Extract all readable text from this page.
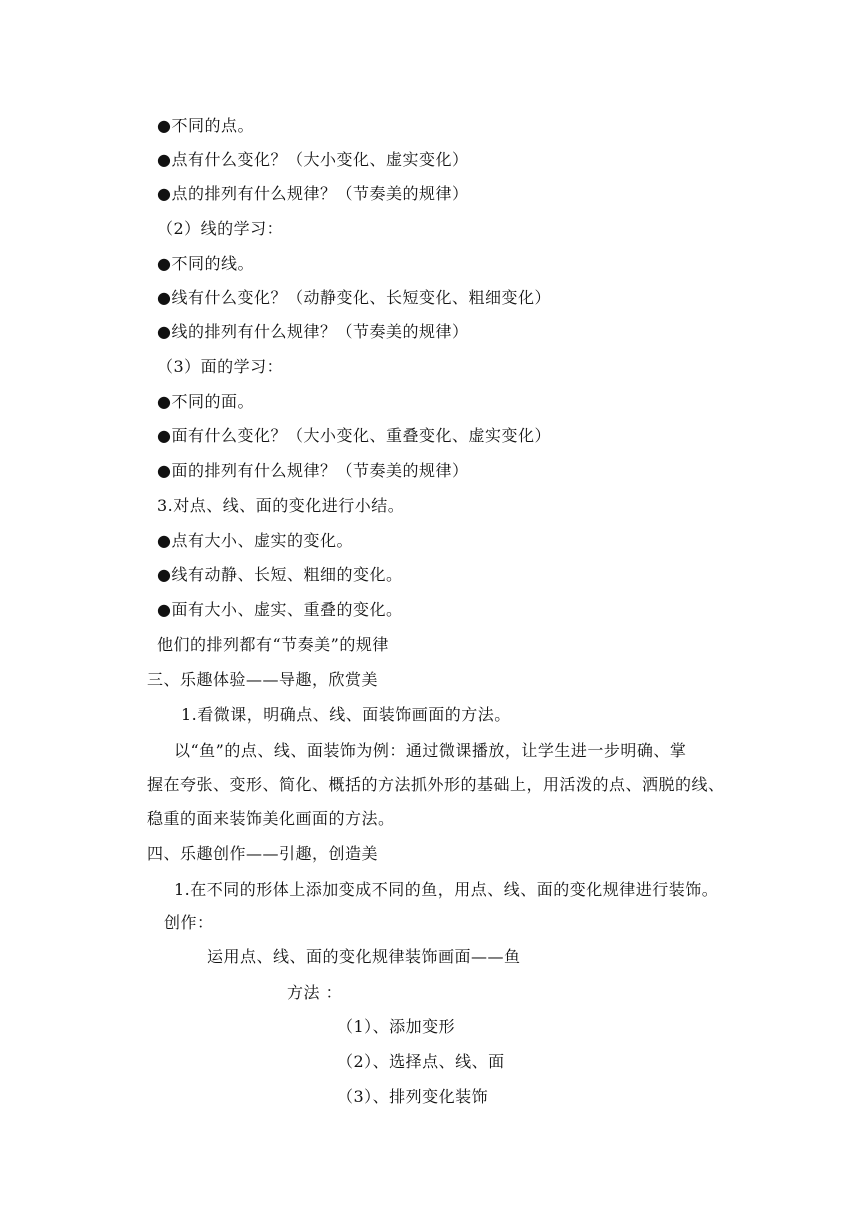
●不同的点。
●点有什么变化？（大小变化、虚实变化）
●点的排列有什么规律？（节奏美的规律）
（2）线的学习：
●不同的线。
●线有什么变化？（动静变化、长短变化、粗细变化）
●线的排列有什么规律？（节奏美的规律）
（3）面的学习：
●不同的面。
●面有什么变化？（大小变化、重叠变化、虚实变化）
●面的排列有什么规律？（节奏美的规律）
3.对点、线、面的变化进行小结。
●点有大小、虚实的变化。
●线有动静、长短、粗细的变化。
●面有大小、虚实、重叠的变化。
他们的排列都有“节奏美”的规律
三、乐趣体验——导趣，欣赏美
1.看微课，明确点、线、面装饰画面的方法。
以“鱼”的点、线、面装饰为例：通过微课播放，让学生进一步明确、掌
握在夸张、变形、简化、概括的方法抓外形的基础上，用活泼的点、洒脱的线、
稳重的面来装饰美化画面的方法。
四、乐趣创作——引趣，创造美
1.在不同的形体上添加变成不同的鱼，用点、线、面的变化规律进行装饰。
创作：
运用点、线、面的变化规律装饰画面——鱼
方法 ：
（1）、添加变形
（2）、选择点、线、面
（3）、排列变化装饰
